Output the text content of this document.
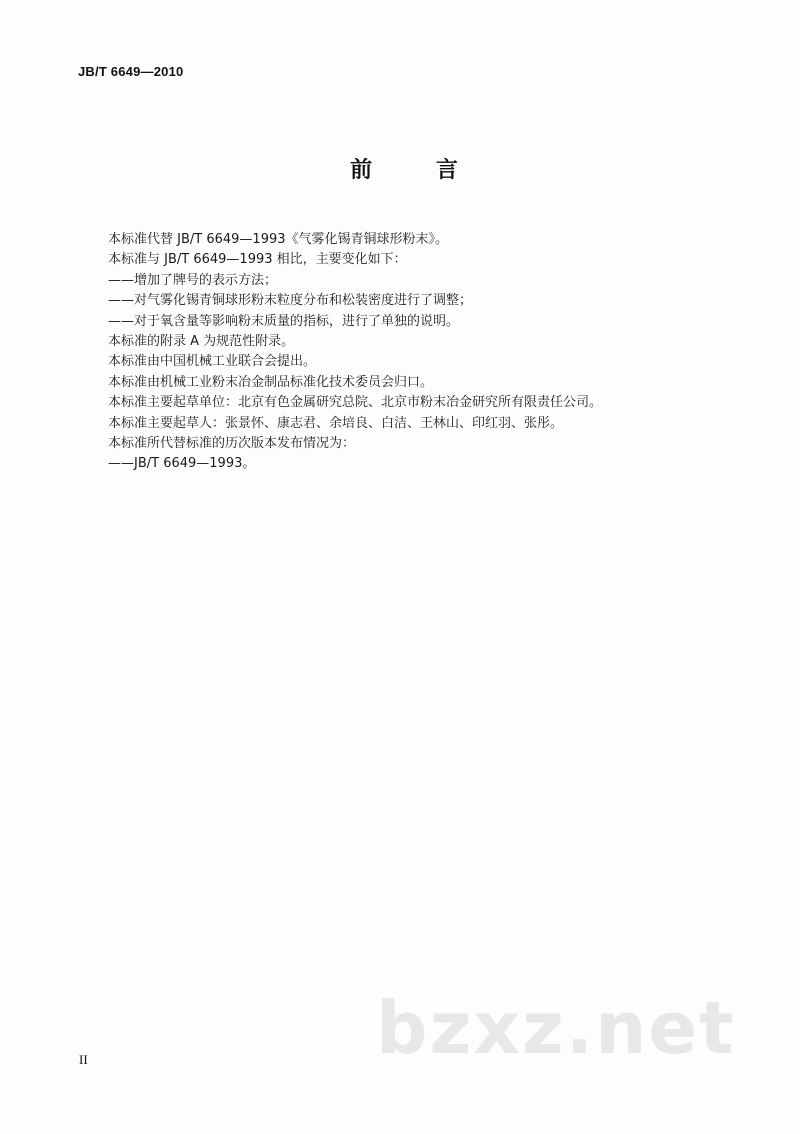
JB/T 6649—2010
前 言
本标准代替 JB/T 6649—1993《气雾化锡青铜球形粉末》。
本标准与 JB/T 6649—1993 相比，主要变化如下：
——增加了牌号的表示方法；
——对气雾化锡青铜球形粉末粒度分布和松装密度进行了调整；
——对于氧含量等影响粉末质量的指标，进行了单独的说明。
本标准的附录 A 为规范性附录。
本标准由中国机械工业联合会提出。
本标准由机械工业粉末冶金制品标准化技术委员会归口。
本标准主要起草单位：北京有色金属研究总院、北京市粉末冶金研究所有限责任公司。
本标准主要起草人：张景怀、康志君、余培良、白洁、王林山、印红羽、张彤。
本标准所代替标准的历次版本发布情况为：
——JB/T 6649—1993。
bzxz.net
II
